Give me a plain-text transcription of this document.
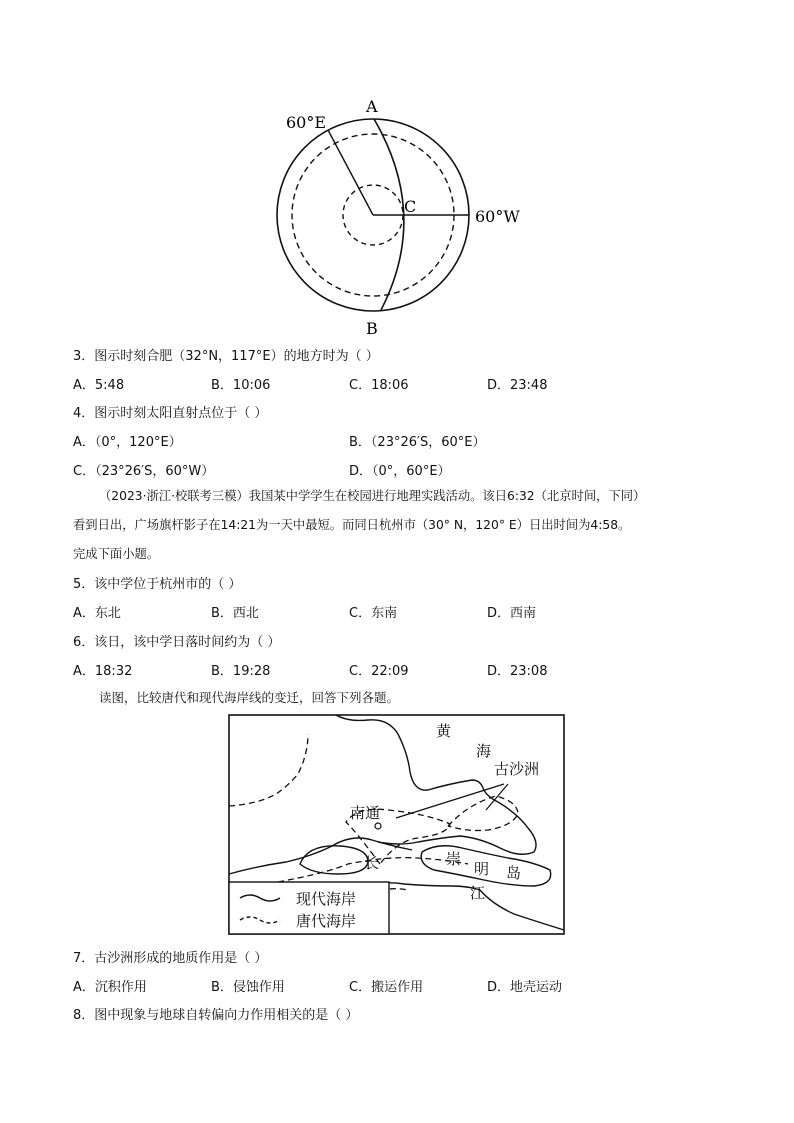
60°E
A
C
60°W
B
3．图示时刻合肥（32°N，117°E）的地方时为（ ）
A．5:48	B．10:06	C．18:06	D．23:48
4．图示时刻太阳直射点位于（ ）
A．（0°，120°E）	B．（23°26′S，60°E）
C．（23°26′S，60°W）	D．（0°，60°E）
（2023·浙江·校联考三模）我国某中学学生在校园进行地理实践活动。该日6:32（北京时间，下同）
看到日出，广场旗杆影子在14:21为一天中最短。而同日杭州市（30° N，120° E）日出时间为4:58。
完成下面小题。
5．该中学位于杭州市的（ ）
A．东北	B．西北	C．东南	D．西南
6．该日，该中学日落时间约为（ ）
A．18:32	B．19:28	C．22:09	D．23:08
读图，比较唐代和现代海岸线的变迁，回答下列各题。
黄
海
古沙洲
南通
长	崇
明 岛
江
现代海岸
唐代海岸
7．古沙洲形成的地质作用是（ ）
A．沉积作用	B．侵蚀作用	C．搬运作用	D．地壳运动
8．图中现象与地球自转偏向力作用相关的是（ ）
